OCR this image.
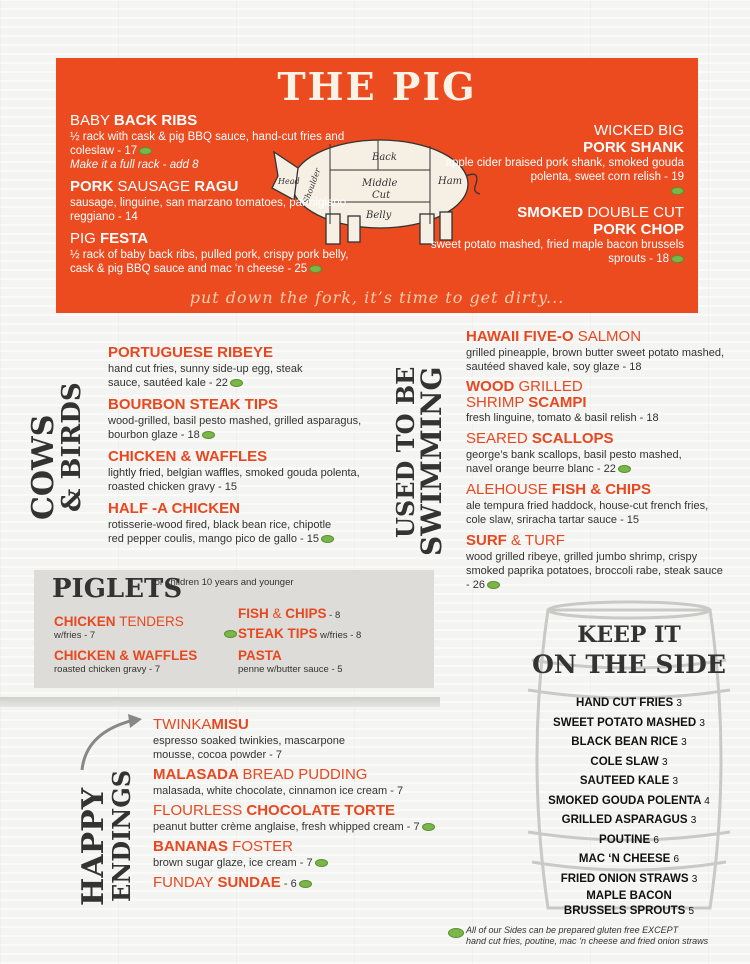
THE PIG
Back
Middle
Cut
Belly
Ham
Shoulder
Head
BABY BACK RIBS
½ rack with cask & pig BBQ sauce, hand-cut fries and coleslaw - 17
Make it a full rack - add 8
PORK SAUSAGE RAGU
sausage, linguine, san marzano tomatoes, parmigiano reggiano - 14
PIG FESTA
½ rack of baby back ribs, pulled pork, crispy pork belly, cask & pig BBQ sauce and mac ‘n cheese - 25
WICKED BIG
PORK SHANK
apple cider braised pork shank, smoked gouda polenta, sweet corn relish - 19
SMOKED DOUBLE CUT
PORK CHOP
sweet potato mashed, fried maple bacon brussels sprouts - 18
put down the fork, it’s time to get dirty...
COWS
& BIRDS
PORTUGUESE RIBEYE
hand cut fries, sunny side-up egg, steak sauce, sautéed kale - 22
BOURBON STEAK TIPS
wood-grilled, basil pesto mashed, grilled asparagus, bourbon glaze - 18
CHICKEN & WAFFLES
lightly fried, belgian waffles, smoked gouda polenta, roasted chicken gravy - 15
HALF -A CHICKEN
rotisserie-wood fired, black bean rice, chipotle red pepper coulis, mango pico de gallo - 15
USED TO BE
SWIMMING
HAWAII FIVE-O SALMON
grilled pineapple, brown butter sweet potato mashed, sautéed shaved kale, soy glaze - 18
WOOD GRILLED
SHRIMP SCAMPI
fresh linguine, tomato & basil relish - 18
SEARED SCALLOPS
george’s bank scallops, basil pesto mashed, navel orange beurre blanc - 22
ALEHOUSE FISH & CHIPS
ale tempura fried haddock, house-cut french fries, cole slaw, sriracha tartar sauce - 15
SURF & TURF
wood grilled ribeye, grilled jumbo shrimp, crispy smoked paprika potatoes, broccoli rabe, steak sauce - 26
PIGLETS
for children 10 years and younger
CHICKEN TENDERS
w/fries - 7
CHICKEN & WAFFLES
roasted chicken gravy - 7
FISH & CHIPS - 8
STEAK TIPS w/fries - 8
PASTA
penne w/butter sauce - 5
HAPPY
ENDINGS
TWINKAMISU
espresso soaked twinkies, mascarpone mousse, cocoa powder - 7
MALASADA BREAD PUDDING
malasada, white chocolate, cinnamon ice cream - 7
FLOURLESS CHOCOLATE TORTE
peanut butter crème anglaise, fresh whipped cream - 7
BANANAS FOSTER
brown sugar glaze, ice cream - 7
FUNDAY SUNDAE - 6
KEEP IT
ON THE SIDE
HAND CUT FRIES 3
SWEET POTATO MASHED 3
BLACK BEAN RICE 3
COLE SLAW 3
SAUTEED KALE 3
SMOKED GOUDA POLENTA 4
GRILLED ASPARAGUS 3
POUTINE 6
MAC ‘N CHEESE 6
FRIED ONION STRAWS 3
MAPLE BACON
BRUSSELS SPROUTS 5
All of our Sides can be prepared gluten free EXCEPT
hand cut fries, poutine, mac ‘n cheese and fried onion straws
